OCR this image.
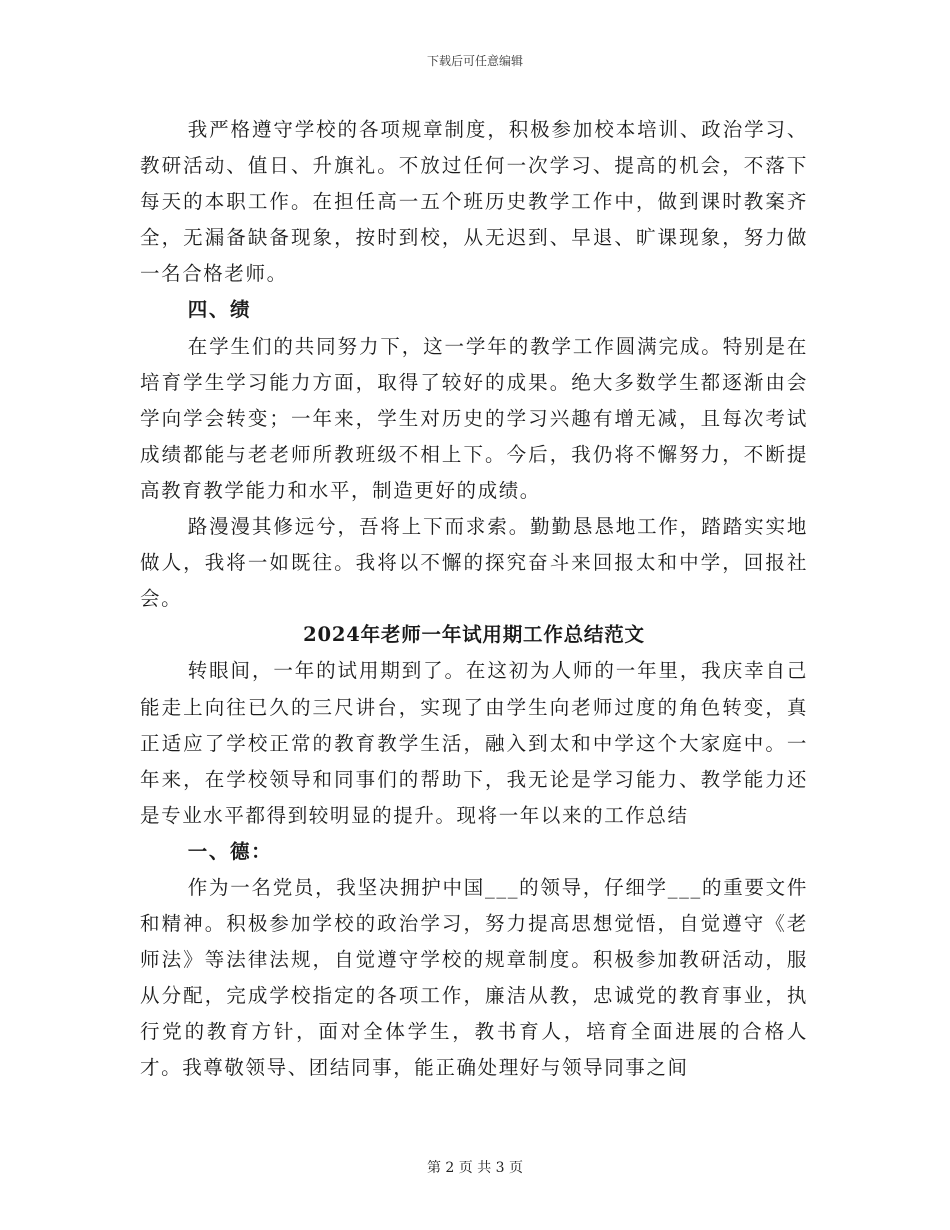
下载后可任意编辑

我严格遵守学校的各项规章制度，积极参加校本培训、政治学习、教研活动、值日、升旗礼。不放过任何一次学习、提高的机会，不落下每天的本职工作。在担任高一五个班历史教学工作中，做到课时教案齐全，无漏备缺备现象，按时到校，从无迟到、早退、旷课现象，努力做一名合格老师。

四、绩

在学生们的共同努力下，这一学年的教学工作圆满完成。特别是在培育学生学习能力方面，取得了较好的成果。绝大多数学生都逐渐由会学向学会转变；一年来，学生对历史的学习兴趣有增无减，且每次考试成绩都能与老老师所教班级不相上下。今后，我仍将不懈努力，不断提高教育教学能力和水平，制造更好的成绩。

路漫漫其修远兮，吾将上下而求索。勤勤恳恳地工作，踏踏实实地做人，我将一如既往。我将以不懈的探究奋斗来回报太和中学，回报社会。

2024年老师一年试用期工作总结范文

转眼间，一年的试用期到了。在这初为人师的一年里，我庆幸自己能走上向往已久的三尺讲台，实现了由学生向老师过度的角色转变，真正适应了学校正常的教育教学生活，融入到太和中学这个大家庭中。一年来，在学校领导和同事们的帮助下，我无论是学习能力、教学能力还是专业水平都得到较明显的提升。现将一年以来的工作总结

一、德：

作为一名党员，我坚决拥护中国___的领导，仔细学___的重要文件和精神。积极参加学校的政治学习，努力提高思想觉悟，自觉遵守《老师法》等法律法规，自觉遵守学校的规章制度。积极参加教研活动，服从分配，完成学校指定的各项工作，廉洁从教，忠诚党的教育事业，执行党的教育方针，面对全体学生，教书育人，培育全面进展的合格人才。我尊敬领导、团结同事，能正确处理好与领导同事之间

第 2 页 共 3 页
